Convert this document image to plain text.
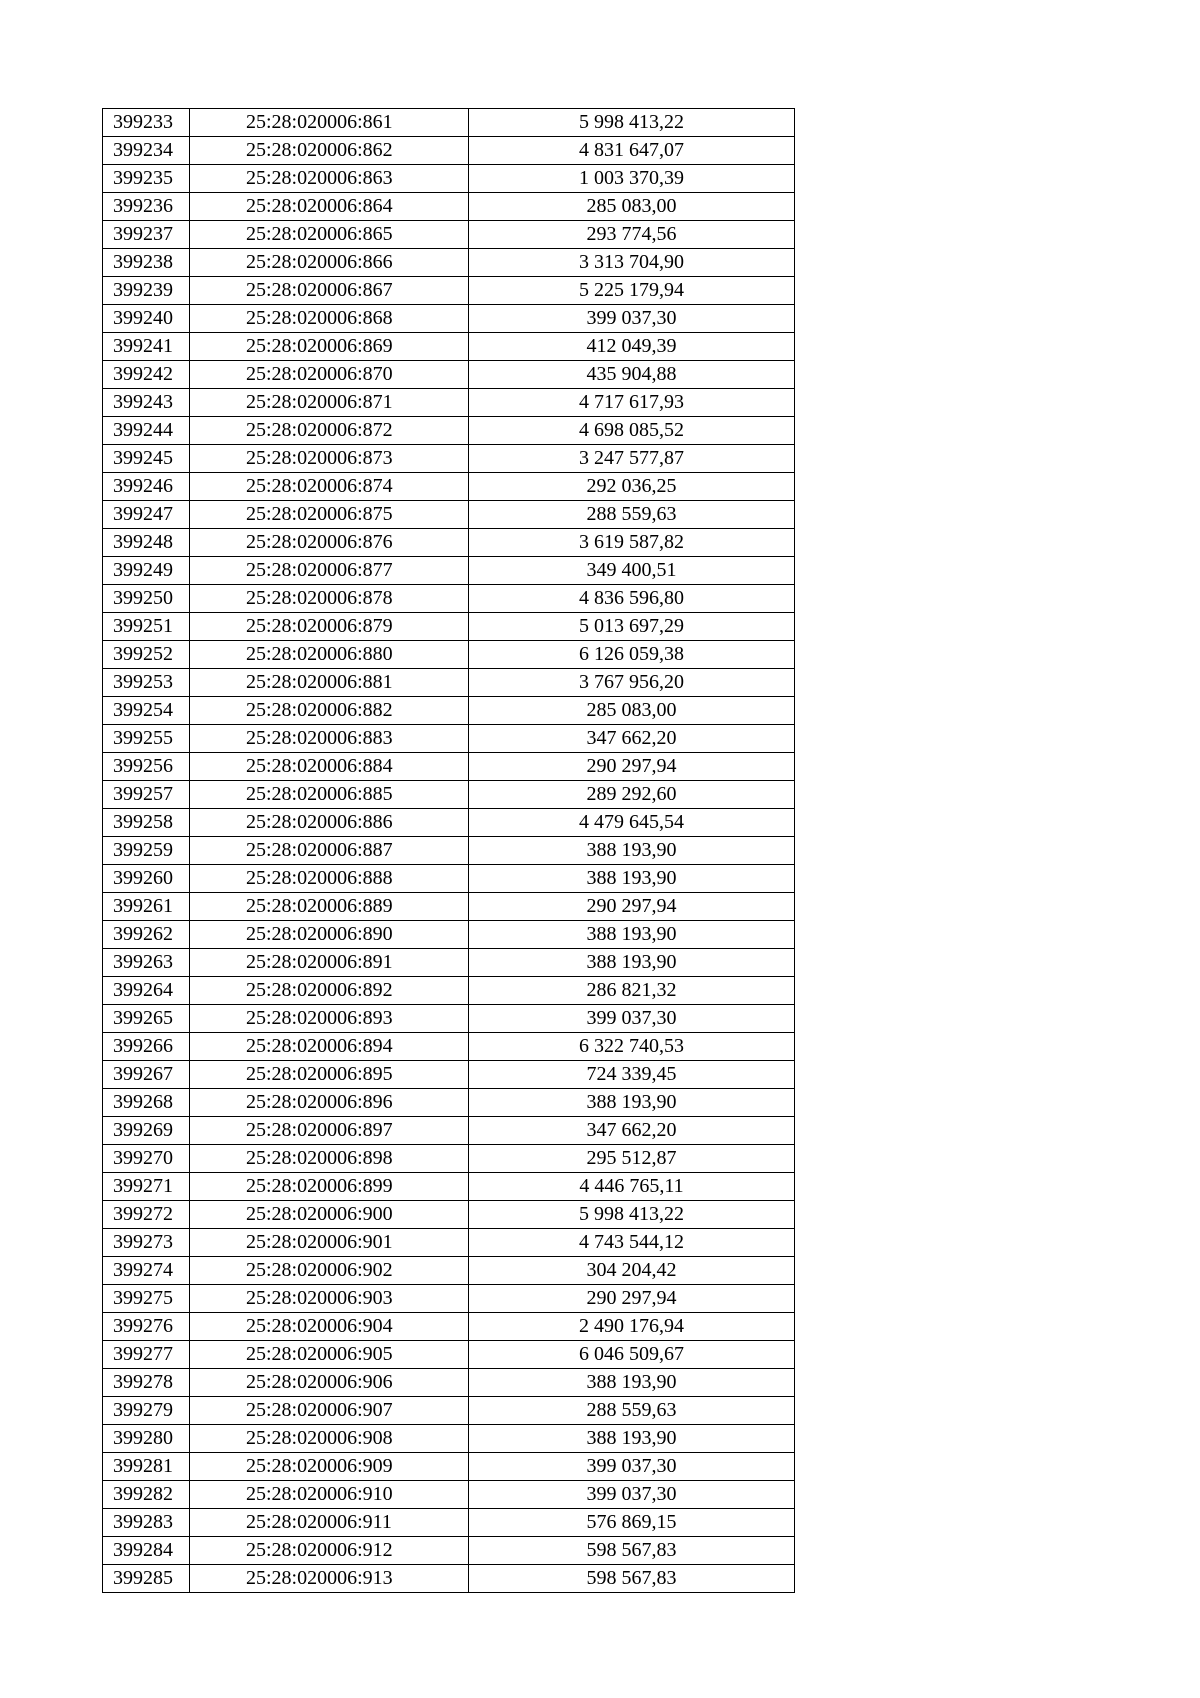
399233	25:28:020006:861	5 998 413,22
399234	25:28:020006:862	4 831 647,07
399235	25:28:020006:863	1 003 370,39
399236	25:28:020006:864	285 083,00
399237	25:28:020006:865	293 774,56
399238	25:28:020006:866	3 313 704,90
399239	25:28:020006:867	5 225 179,94
399240	25:28:020006:868	399 037,30
399241	25:28:020006:869	412 049,39
399242	25:28:020006:870	435 904,88
399243	25:28:020006:871	4 717 617,93
399244	25:28:020006:872	4 698 085,52
399245	25:28:020006:873	3 247 577,87
399246	25:28:020006:874	292 036,25
399247	25:28:020006:875	288 559,63
399248	25:28:020006:876	3 619 587,82
399249	25:28:020006:877	349 400,51
399250	25:28:020006:878	4 836 596,80
399251	25:28:020006:879	5 013 697,29
399252	25:28:020006:880	6 126 059,38
399253	25:28:020006:881	3 767 956,20
399254	25:28:020006:882	285 083,00
399255	25:28:020006:883	347 662,20
399256	25:28:020006:884	290 297,94
399257	25:28:020006:885	289 292,60
399258	25:28:020006:886	4 479 645,54
399259	25:28:020006:887	388 193,90
399260	25:28:020006:888	388 193,90
399261	25:28:020006:889	290 297,94
399262	25:28:020006:890	388 193,90
399263	25:28:020006:891	388 193,90
399264	25:28:020006:892	286 821,32
399265	25:28:020006:893	399 037,30
399266	25:28:020006:894	6 322 740,53
399267	25:28:020006:895	724 339,45
399268	25:28:020006:896	388 193,90
399269	25:28:020006:897	347 662,20
399270	25:28:020006:898	295 512,87
399271	25:28:020006:899	4 446 765,11
399272	25:28:020006:900	5 998 413,22
399273	25:28:020006:901	4 743 544,12
399274	25:28:020006:902	304 204,42
399275	25:28:020006:903	290 297,94
399276	25:28:020006:904	2 490 176,94
399277	25:28:020006:905	6 046 509,67
399278	25:28:020006:906	388 193,90
399279	25:28:020006:907	288 559,63
399280	25:28:020006:908	388 193,90
399281	25:28:020006:909	399 037,30
399282	25:28:020006:910	399 037,30
399283	25:28:020006:911	576 869,15
399284	25:28:020006:912	598 567,83
399285	25:28:020006:913	598 567,83
